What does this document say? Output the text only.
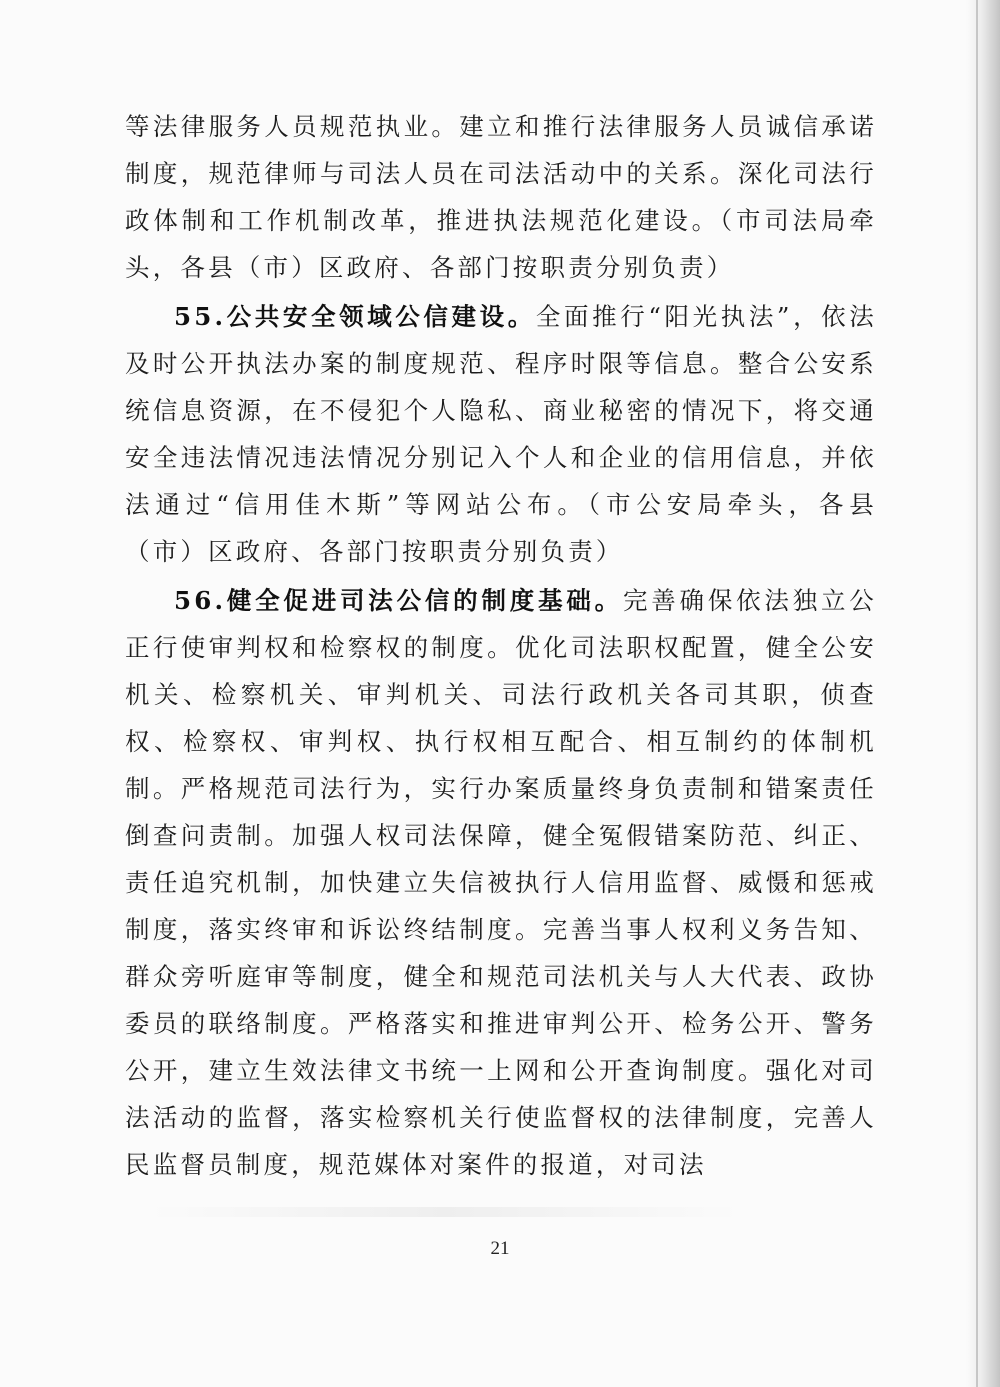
等法律服务人员规范执业。建立和推行法律服务人员诚信承诺制度，规范律师与司法人员在司法活动中的关系。深化司法行政体制和工作机制改革，推进执法规范化建设。（市司法局牵头，各县（市）区政府、各部门按职责分别负责）

55.公共安全领域公信建设。全面推行“阳光执法”，依法及时公开执法办案的制度规范、程序时限等信息。整合公安系统信息资源，在不侵犯个人隐私、商业秘密的情况下，将交通安全违法情况违法情况分别记入个人和企业的信用信息，并依法通过“信用佳木斯”等网站公布。（市公安局牵头，各县（市）区政府、各部门按职责分别负责）

56.健全促进司法公信的制度基础。完善确保依法独立公正行使审判权和检察权的制度。优化司法职权配置，健全公安机关、检察机关、审判机关、司法行政机关各司其职，侦查权、检察权、审判权、执行权相互配合、相互制约的体制机制。严格规范司法行为，实行办案质量终身负责制和错案责任倒查问责制。加强人权司法保障，健全冤假错案防范、纠正、责任追究机制，加快建立失信被执行人信用监督、威慑和惩戒制度，落实终审和诉讼终结制度。完善当事人权利义务告知、群众旁听庭审等制度，健全和规范司法机关与人大代表、政协委员的联络制度。严格落实和推进审判公开、检务公开、警务公开，建立生效法律文书统一上网和公开查询制度。强化对司法活动的监督，落实检察机关行使监督权的法律制度，完善人民监督员制度，规范媒体对案件的报道，对司法

21
